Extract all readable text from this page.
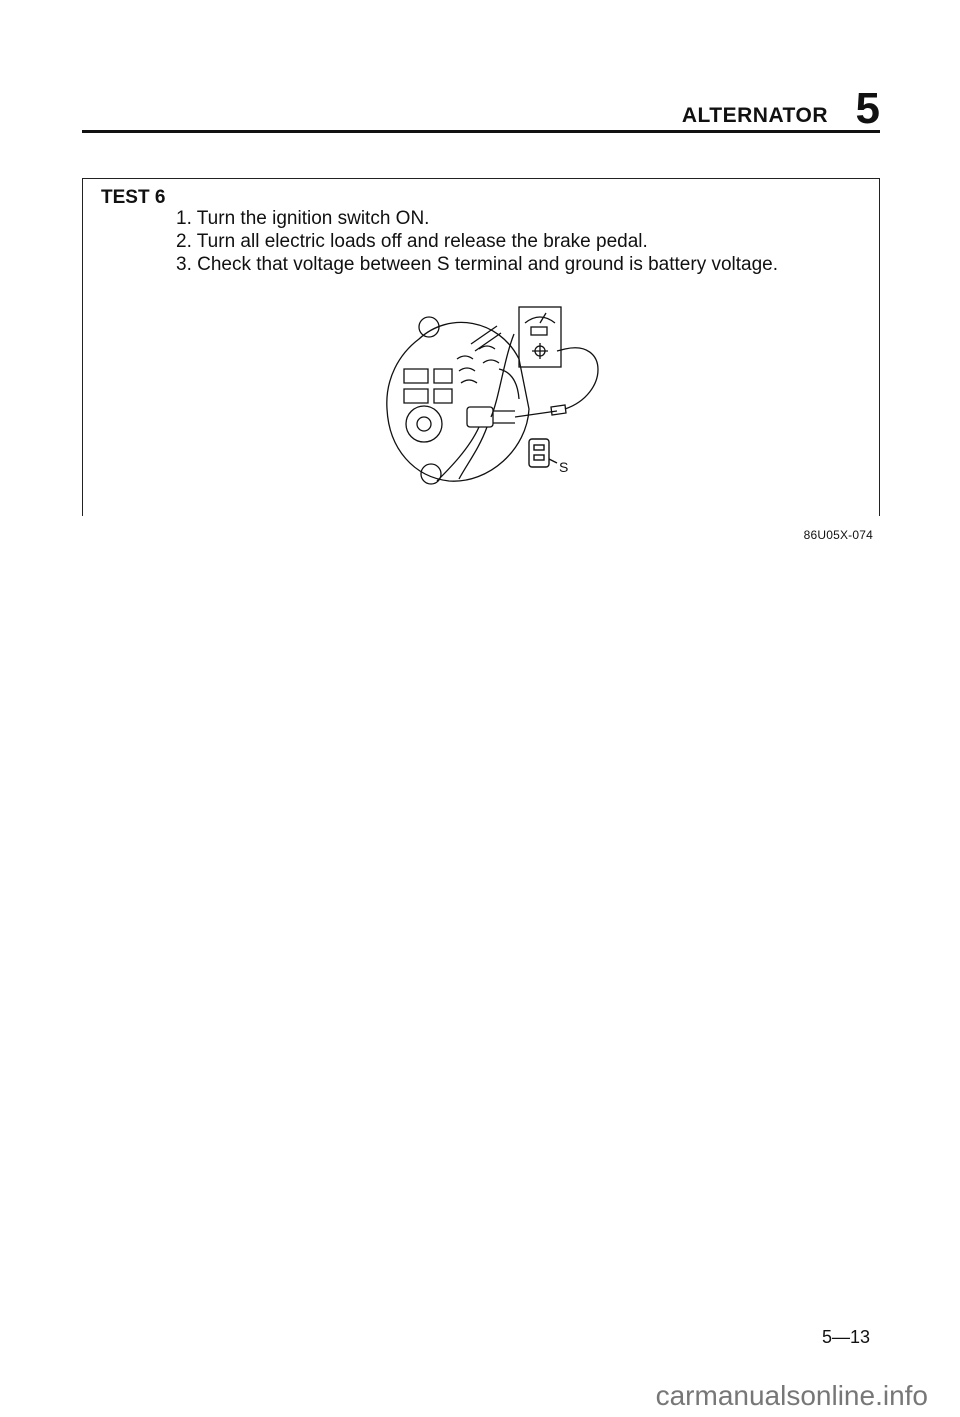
ALTERNATOR 5
TEST 6
1. Turn the ignition switch ON.
2. Turn all electric loads off and release the brake pedal.
3. Check that voltage between S terminal and ground is battery voltage.
S
86U05X-074
5—13
carmanualsonline.info
